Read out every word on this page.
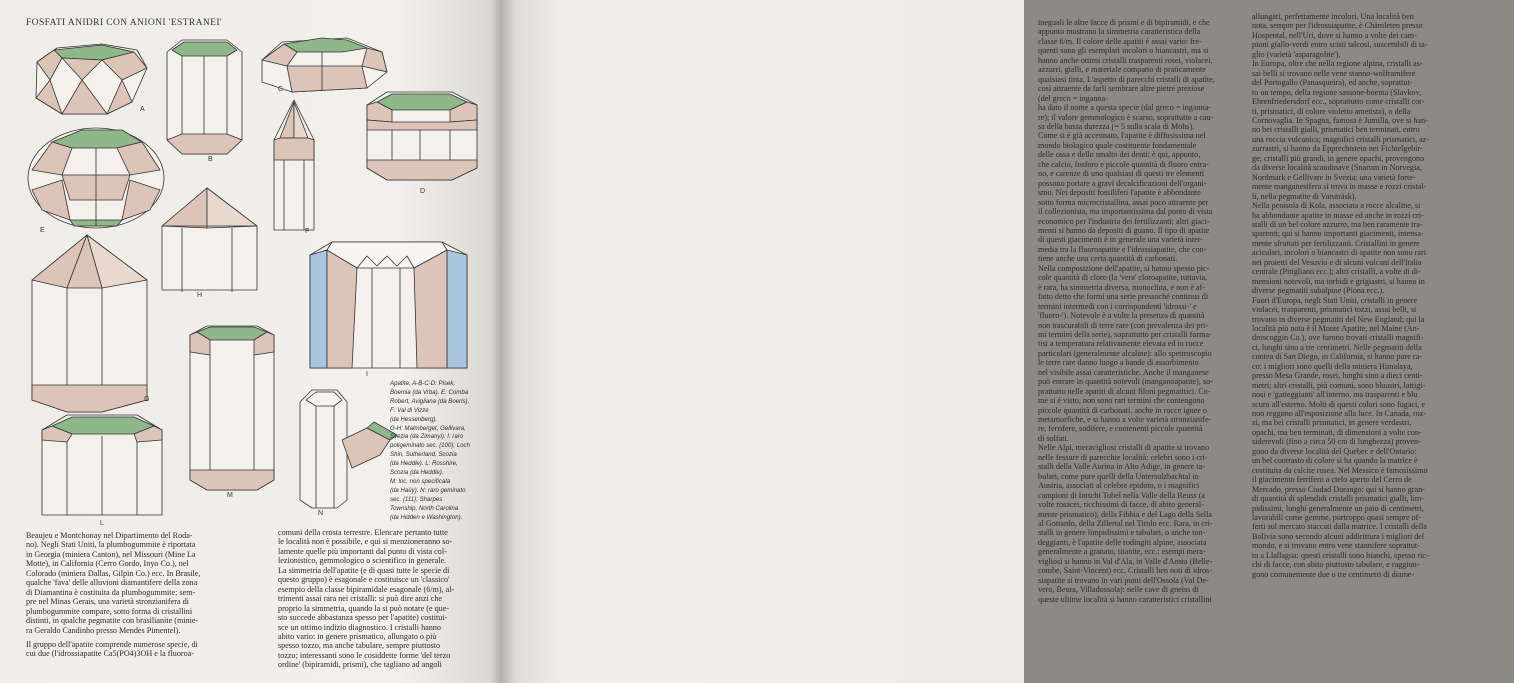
FOSFATI ANIDRI CON ANIONI 'ESTRANEI'
A
B
C
D
E	F
G
H
I
L
M
N

Apatite. A-B-C-D: Pisek,

Boemia (da Vrba). E: Comba

Robert, Avigliana (da Boeris).

F: Val di Vizze

(da Hessenberg).

G-H: Malmberget, Gellivara,

Svezia (da Zimanyi). I: raro

poligeminato sec. {100}; Loch

Shin, Sutherland, Scozia

(da Heddle). L: Rosshire,

Scozia (da Heddle).

M: loc. non specificata

(da Haüy). N: raro geminato

sec. {111}; Sharpes

Township, North Carolina

(da Hidden e Washington).

Beaujeu e Montchonay nel Dipartimento del Roda-

no). Negli Stati Uniti, la plumbogummite è riportata

in Georgia (miniera Canton), nel Missouri (Mine La

Motte), in California (Cerro Gordo, Inyo Co.), nel

Colorado (miniera Dallas, Gilpin Co.) ecc. In Brasile,

qualche 'fava' delle alluvioni diamantifere della zona

di Diamantina è costituita da plumbogummite; sem-

pre nel Minas Gerais, una varietà stronzianifera di

plumbogummite compare, sotto forma di cristallini

distinti, in qualche pegmatite con brasilianite (minie-

ra Geraldo Candinho presso Mendes Pimentel).

Il gruppo dell'apatite comprende numerose specie, di

cui due (l'idrossiapatite Ca5(PO4)3OH e la fluoroa-

comuni della crosta terrestre. Elencare pertanto tutte

le località non è possibile, e qui si menzioneranno so-

lamente quelle più importanti dal punto di vista col-

lezionistico, gemmologico o scientifico in generale.

La simmetria dell'apatite (e di quasi tutte le specie di

questo gruppo) è esagonale e costituisce un 'classico'

esempio della classe bipiramidale esagonale (6/m), al-

trimenti assai rara nei cristalli: si può dire anzi che

proprio la simmetria, quando la si può notare (e que-

sto succede abbastanza spesso per l'apatite) costitui-

sce un ottimo indizio diagnostico. I cristalli hanno

abito vario: in genere prismatico, allungato o più

spesso tozzo, ma anche tabulare, sempre piuttosto

tozzo; interessanti sono le cosiddette forme 'del terzo

ordine' (bipiramidi, prismi), che tagliano ad angoli

ineguali le altre facce di prismi e di bipiramidi, e che

appunto mostrano la simmetria caratteristica della

classe 6/m. Il colore delle apatiti è assai vario: fre-

quenti sono gli esemplari incolori o biancastri, ma si

hanno anche ottimi cristalli trasparenti rosei, violacei,

azzurri, gialli, e materiale compatto di praticamente

qualsiasi tinta. L'aspetto di parecchi cristalli di apatite,

così attraente da farli sembrare altre pietre preziose

(del greco = inganna-

ha dato il nome a questa specie (dal greco = inganna-

re); il valore gemmologico è scarso, soprattutto a cau-

sa della bassa durezza (= 5 sulla scala di Mohs).

Come si è già accennato, l'apatite è diffusissima nel

mondo biologico quale costituente fondamentale

delle ossa e dello smalto dei denti: è qui, appunto,

che calcio, fosforo e piccole quantità di fluoro entra-

no, e carenze di uno qualsiasi di questi tre elementi

possono portare a gravi decalcificazioni dell'organi-

smo. Nei depositi fossiliferi l'apatite è abbondante

sotto forma microcristallina, assai poco attraente per

il collezionista, ma importantissima dal punto di vista

economico per l'industria dei fertilizzanti; altri giaci-

menti si hanno da depositi di guano. Il tipo di apatite

di questi giacimenti è in generale una varietà inter-

media tra la fluoroapatite e l'idrossiapatite, che con-

tiene anche una certa quantità di carbonati.

Nella composizione dell'apatite, si hanno spesso pic-

cole quantità di cloro (la 'vera' cloroapatite, tuttavia,

è rara, ha simmetria diversa, monoclina, e non è af-

fatto detto che formi una serie pressoché continua di

termini intermedi con i corrispondenti 'idrossi-' e

'fluoro-'). Notevole è a volte la presenza di quantità

non trascurabili di terre rare (con prevalenza dei pri-

mi termini della serie), soprattutto per cristalli forma-

tisi a temperatura relativamente elevata ed in rocce

particolari (generalmente alcaline): allo spettroscopio

le terre rare danno luogo a bande di assorbimento

nel visibile assai caratteristiche. Anche il manganese

può entrare in quantità notevoli (manganoapatite), so-

prattutto nelle apatiti di alcuni filoni pegmatitici. Co-

me si è visto, non sono rari termini che contengono

piccole quantità di carbonati, anche in rocce ignee o

metamorfiche, e si hanno a volte varietà stronzianife-

re, ferrifere, sodifere, e contenenti piccole quantità

di solfati.

Nelle Alpi, meravigliosi cristalli di apatite si trovano

nelle fessure di parecchie località: celebri sono i cri-

stalli della Valle Aurina in Alto Adige, in genere ta-

bulari, come pure quelli della Untersulzbachtal in

Austria, associati al celebre epidoto, o i magnifici

campioni di Intschi Tobel nella Valle della Reuss (a

volte rosacei, ricchissimi di facce, di abito general-

mente prismatico), della Fibbia e del Lago della Sella

al Gottardo, della Zillertal nel Tirolo ecc. Rara, in cri-

stalli in genere limpidissimi e tabulari, o anche ton-

deggianti, è l'apatite delle rodingiti alpine, associata

generalmente a granato, titanite, ecc.: esempi mera-

vigliosi si hanno in Val d'Ala, in Valle d'Aosta (Belle-

combe, Saint-Vincent) ecc. Cristalli ben noti di idros-

siapatite si trovano in vari punti dell'Ossola (Val De-

vero, Beura, Villadossola): nelle cave di gneiss di

queste ultime località si hanno caratteristici cristallini

allungati, perfettamente incolori. Una località ben

nota, sempre per l'idrossiapatite, è Chämleten presso

Hospental, nell'Uri, dove si hanno a volte dei cam-

pioni giallo-verdi entro scisti talcosi, suscettibili di ta-

glio (varietà 'asparagolite').

In Europa, oltre che nella regione alpina, cristalli as-

sai belli si trovano nelle vene stanno-wolframifere

del Portogallo (Panasqueira), ed anche, soprattut-

to un tempo, della regione sassone-boema (Slavkov,

Ehrenfriedersdorf ecc., soprattutto come cristalli cor-

ti, prismatici, di colore violetto ametista), o della

Cornovaglia. In Spagna, famosa è Jumilla, ove si han-

no bei cristalli gialli, prismatici ben terminati, entro

una roccia vulcanica; magnifici cristalli prismatici, az-

zurrastri, si hanno da Epprechtstein nei Fichtelgebir-

ge; cristalli più grandi, in genere opachi, provengono

da diverse località scandinave (Snarum in Norvegia,

Nordmark e Gellivare in Svezia: una varietà forte-

mente manganesifera si trova in masse e rozzi cristal-

li, nella pegmatite di Varuträsk).

Nella penisola di Kola, associata a rocce alcaline, si

ha abbondante apatite in masse ed anche in rozzi cri-

stalli di un bel colore azzurro, ma ben raramente tra-

sparenti; qui si hanno importanti giacimenti, intensa-

mente sfruttati per fertilizzanti. Cristallini in genere

aciculari, incolori o biancastri di apatite non sono rari

nei proietti del Vesuvio e di alcuni vulcani dell'Italia

centrale (Pitigliano ecc.); altri cristalli, a volte di di-

mensioni notevoli, ma torbidi e grigiastri, si hanno in

diverse pegmatiti subalpine (Piona ecc.).

Fuori d'Europa, negli Stati Uniti, cristalli in genere

violacei, trasparenti, prismatici tozzi, assai belli, si

trovano in diverse pegmatiti del New England; qui la

località più nota è il Monte Apatite, nel Maine (An-

droscoggin Co.), ove furono trovati cristalli magnifi-

ci, lunghi sino a tre centimetri. Nelle pegmatiti della

contea di San Diego, in California, si hanno pure ra-

co: i migliori sono quelli della miniera Himalaya,

presso Mesa Grande, rosei, lunghi sino a dieci centi-

metri; altri cristalli, più comuni, sono bluastri, lattigi-

nosi e 'gatteggianti' all'interno, ma trasparenti e blu

scuro all'esterno. Molti di questi colori sono fugaci, e

non reggono all'esposizione alla luce. In Canada, roz-

zi, ma bei cristalli prismatici, in genere verdastri,

opachi, ma ben terminati, di dimensioni a volte con-

siderevoli (fino a circa 50 cm di lunghezza) proven-

gono da diverse località del Quebec e dell'Ontario:

un bel contrasto di colore si ha quando la matrice è

costituita da calcite rosea. Nel Messico è famosissimo

il giacimento ferrifero a cielo aperto del Cerro de

Mercado, presso Ciudad Durango: qui si hanno gran-

di quantità di splendidi cristalli prismatici gialli, lim-

pidissimi, lunghi generalmente un paio di centimetri,

lavorabili come gemme, purtroppo quasi sempre of-

ferti sul mercato staccati dalla matrice. I cristalli della

Bolivia sono secondo alcuni addirittura i migliori del

mondo, e si trovano entro vene stannifere soprattut-

to a Llallagua: questi cristalli sono bianchi, spesso ric-

chi di facce, con abito piuttosto tabulare, e raggiun-

gono comunemente due o tre centimetri di diame-
